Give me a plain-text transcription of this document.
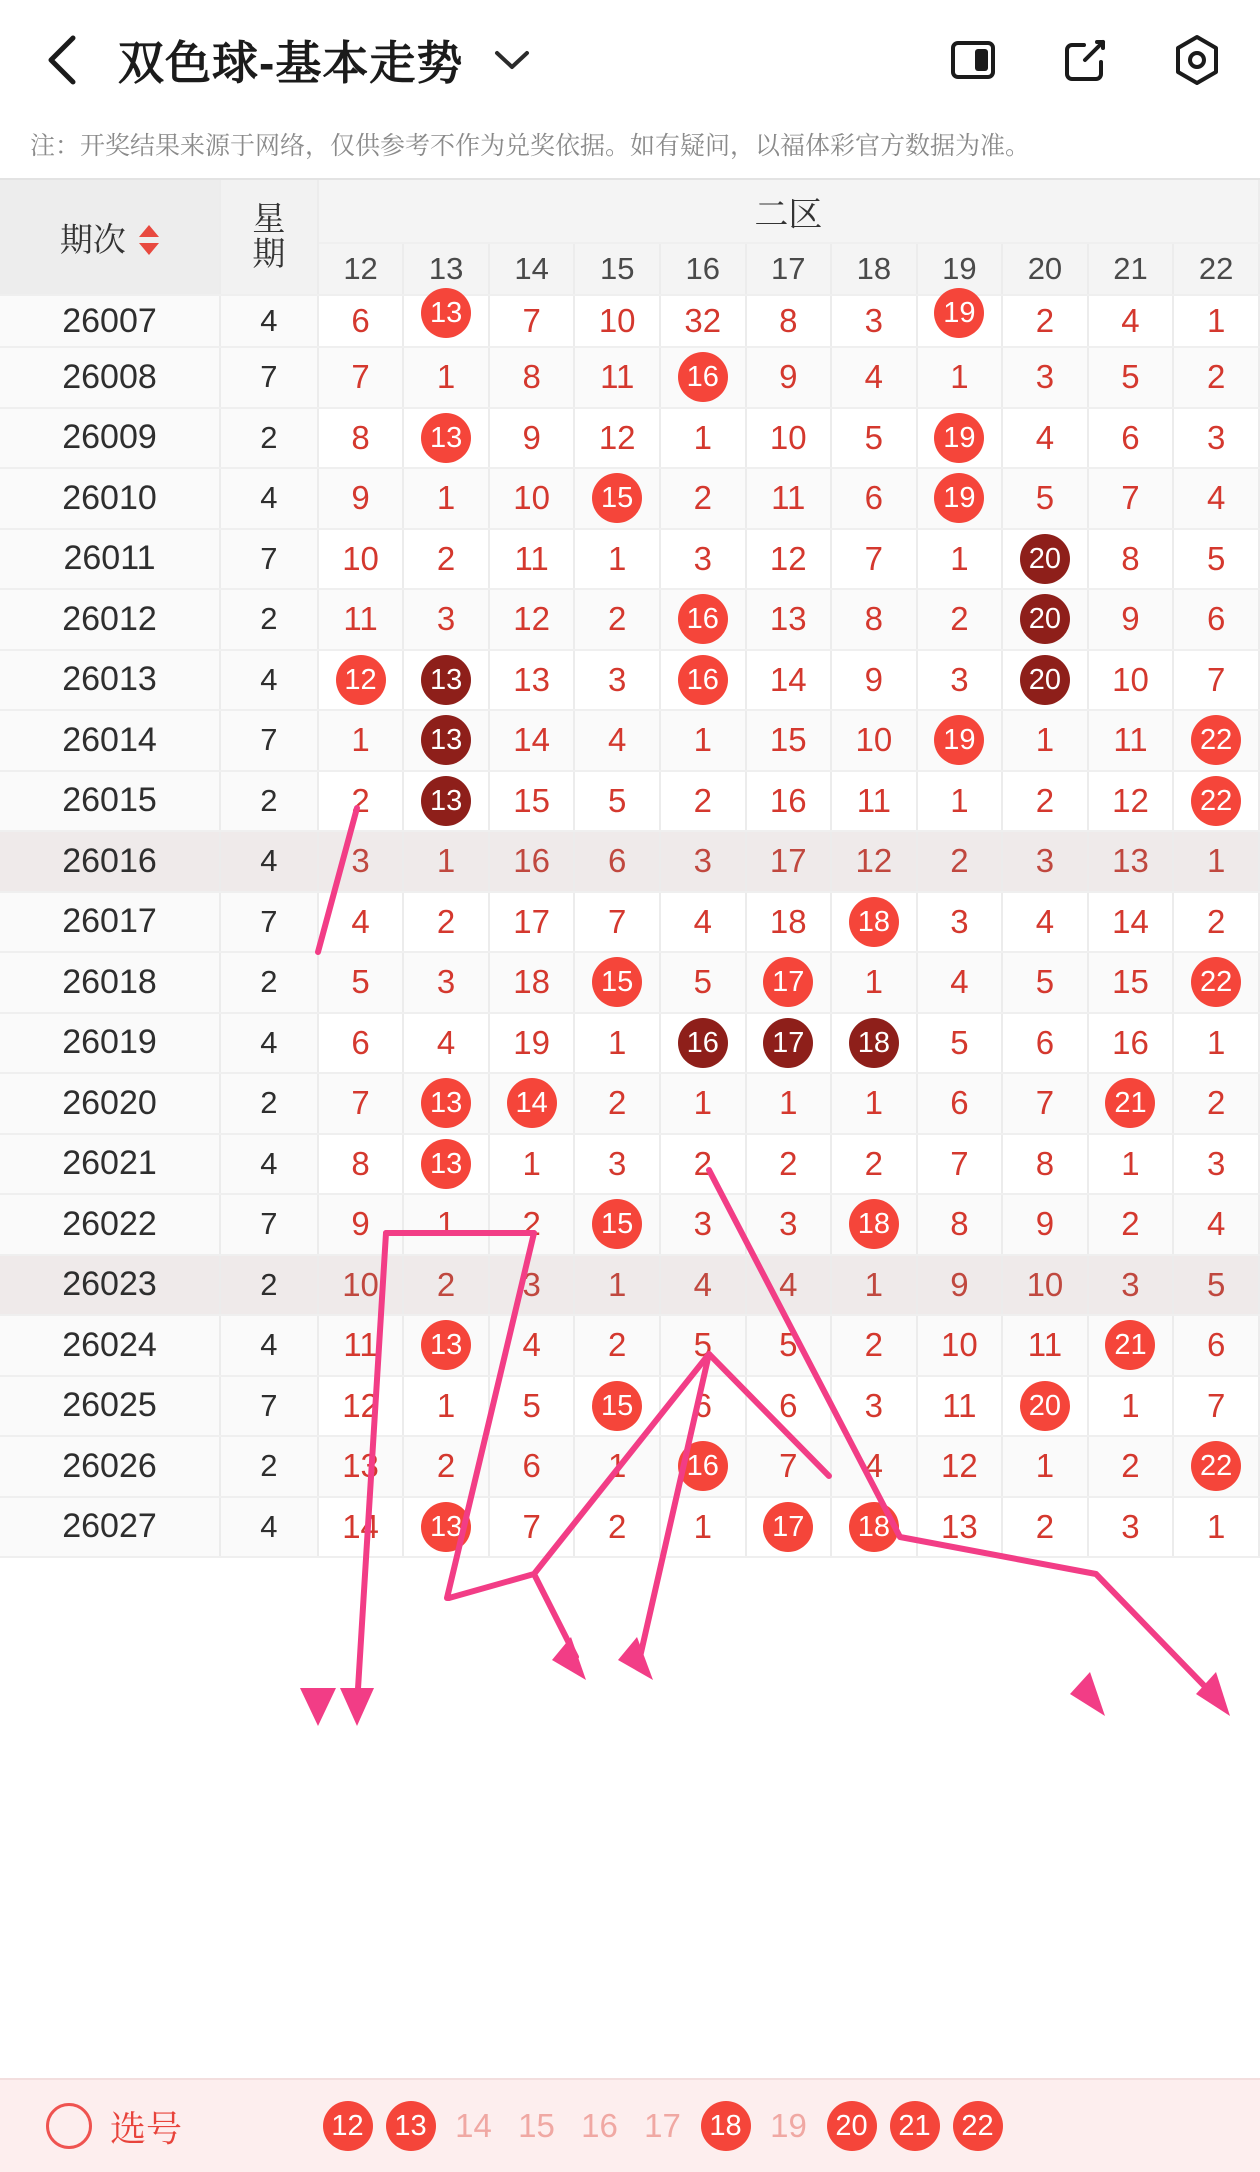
双色球-基本走势
注：开奖结果来源于网络，仅供参考不作为兑奖依据。如有疑问，以福体彩官方数据为准。
期次	星
期	二区										
		12	13	14	15	16	17	18	19	20	21	22
26007	4	6	13	7	10	32	8	3	19	2	4	1
26008	7	7	1	8	11	16	9	4	1	3	5	2
26009	2	8	13	9	12	1	10	5	19	4	6	3
26010	4	9	1	10	15	2	11	6	19	5	7	4
26011	7	10	2	11	1	3	12	7	1	20	8	5
26012	2	11	3	12	2	16	13	8	2	20	9	6
26013	4	12	13	13	3	16	14	9	3	20	10	7
26014	7	1	13	14	4	1	15	10	19	1	11	22
26015	2	2	13	15	5	2	16	11	1	2	12	22
26016	4	3	1	16	6	3	17	12	2	3	13	1
26017	7	4	2	17	7	4	18	18	3	4	14	2
26018	2	5	3	18	15	5	17	1	4	5	15	22
26019	4	6	4	19	1	16	17	18	5	6	16	1
26020	2	7	13	14	2	1	1	1	6	7	21	2
26021	4	8	13	1	3	2	2	2	7	8	1	3
26022	7	9	1	2	15	3	3	18	8	9	2	4
26023	2	10	2	3	1	4	4	1	9	10	3	5
26024	4	11	13	4	2	5	5	2	10	11	21	6
26025	7	12	1	5	15	6	6	3	11	20	1	7
26026	2	13	2	6	1	16	7	4	12	1	2	22
26027	4	14	13	7	2	1	17	18	13	2	3	1
选号	12	13 14 15 16 17 18 19 20	21	22
